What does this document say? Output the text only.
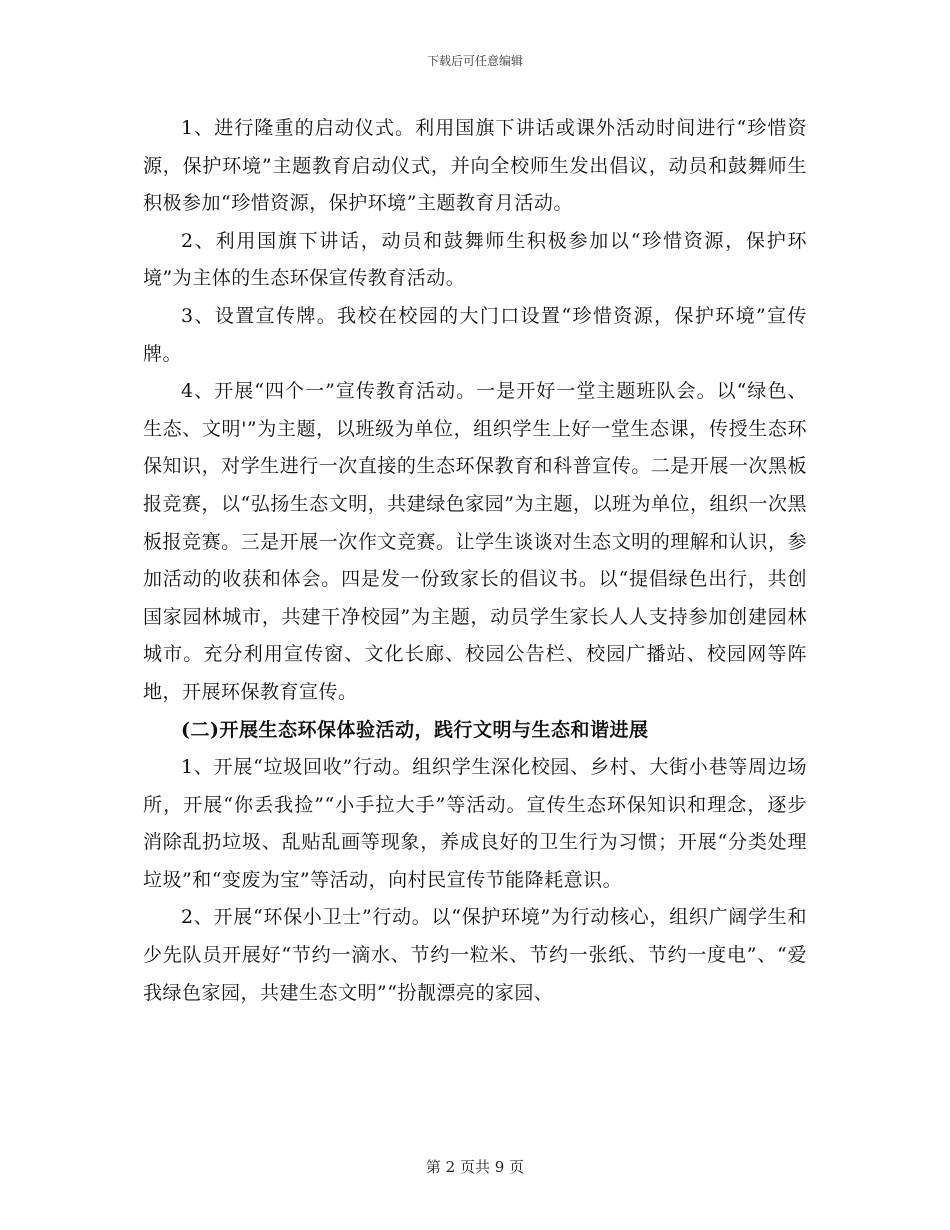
下载后可任意编辑

1、进行隆重的启动仪式。利用国旗下讲话或课外活动时间进行“珍惜资源，保护环境”主题教育启动仪式，并向全校师生发出倡议，动员和鼓舞师生积极参加“珍惜资源，保护环境”主题教育月活动。

2、利用国旗下讲话，动员和鼓舞师生积极参加以“珍惜资源，保护环境”为主体的生态环保宣传教育活动。

3、设置宣传牌。我校在校园的大门口设置“珍惜资源，保护环境”宣传牌。

4、开展“四个一”宣传教育活动。一是开好一堂主题班队会。以“绿色、生态、文明'”为主题，以班级为单位，组织学生上好一堂生态课，传授生态环保知识，对学生进行一次直接的生态环保教育和科普宣传。二是开展一次黑板报竞赛，以“弘扬生态文明，共建绿色家园”为主题，以班为单位，组织一次黑板报竞赛。三是开展一次作文竞赛。让学生谈谈对生态文明的理解和认识，参加活动的收获和体会。四是发一份致家长的倡议书。以“提倡绿色出行，共创国家园林城市，共建干净校园”为主题，动员学生家长人人支持参加创建园林城市。充分利用宣传窗、文化长廊、校园公告栏、校园广播站、校园网等阵地，开展环保教育宣传。

(二)开展生态环保体验活动，践行文明与生态和谐进展

1、开展“垃圾回收”行动。组织学生深化校园、乡村、大街小巷等周边场所，开展“你丢我捡”“小手拉大手”等活动。宣传生态环保知识和理念，逐步消除乱扔垃圾、乱贴乱画等现象，养成良好的卫生行为习惯；开展“分类处理垃圾”和“变废为宝”等活动，向村民宣传节能降耗意识。

2、开展“环保小卫士”行动。以“保护环境”为行动核心，组织广阔学生和少先队员开展好“节约一滴水、节约一粒米、节约一张纸、节约一度电”、“爱我绿色家园，共建生态文明”“扮靓漂亮的家园、

第 2 页共 9 页
